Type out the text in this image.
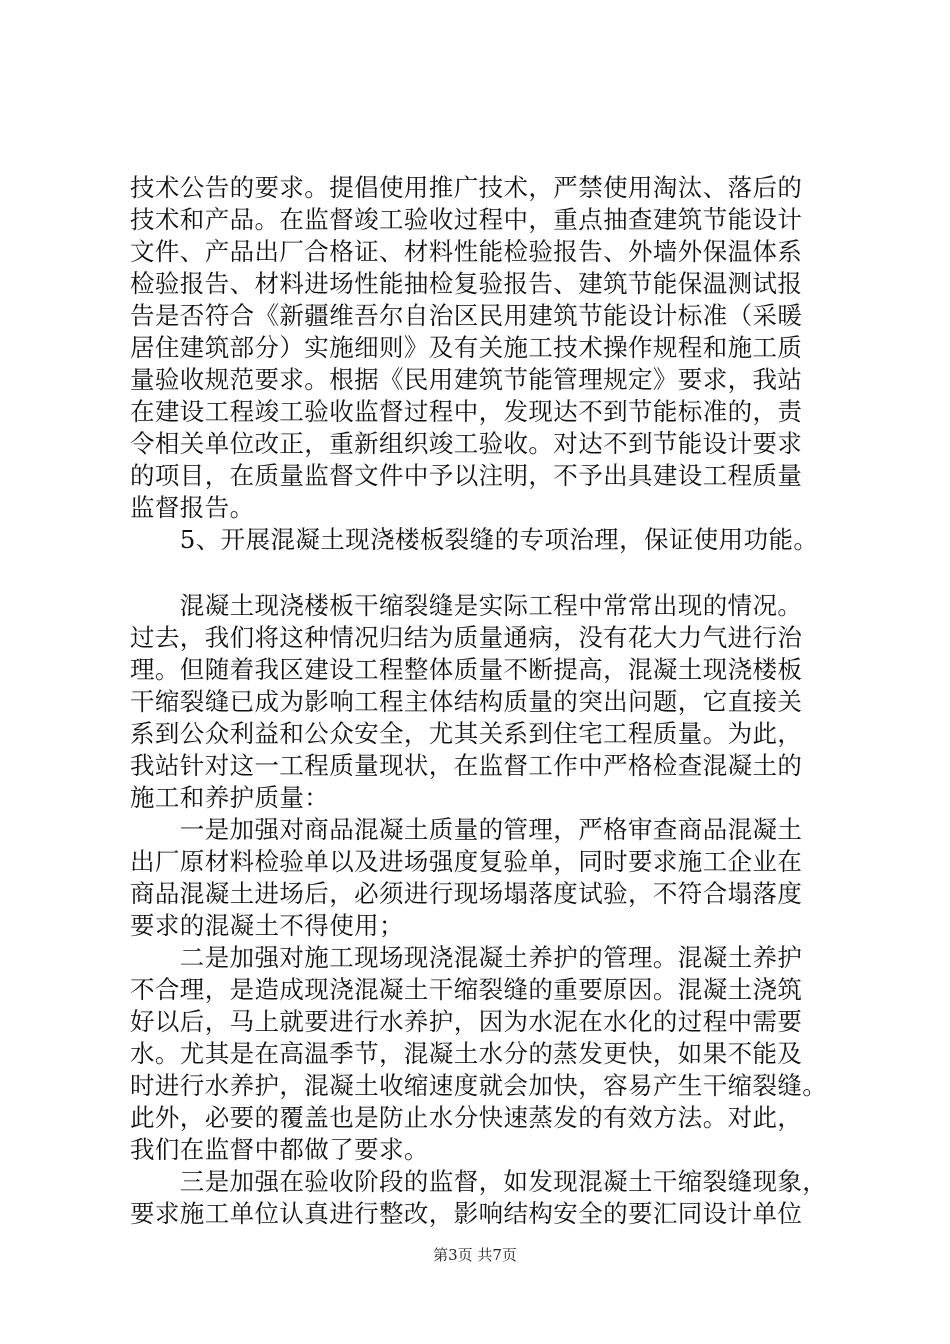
技术公告的要求。提倡使用推广技术，严禁使用淘汰、落后的
技术和产品。在监督竣工验收过程中，重点抽查建筑节能设计
文件、产品出厂合格证、材料性能检验报告、外墙外保温体系
检验报告、材料进场性能抽检复验报告、建筑节能保温测试报
告是否符合《新疆维吾尔自治区民用建筑节能设计标准（采暖
居住建筑部分）实施细则》及有关施工技术操作规程和施工质
量验收规范要求。根据《民用建筑节能管理规定》要求，我站
在建设工程竣工验收监督过程中，发现达不到节能标准的，责
令相关单位改正，重新组织竣工验收。对达不到节能设计要求
的项目，在质量监督文件中予以注明，不予出具建设工程质量
监督报告。
　　5、开展混凝土现浇楼板裂缝的专项治理，保证使用功能。
　　混凝土现浇楼板干缩裂缝是实际工程中常常出现的情况。
过去，我们将这种情况归结为质量通病，没有花大力气进行治
理。但随着我区建设工程整体质量不断提高，混凝土现浇楼板
干缩裂缝已成为影响工程主体结构质量的突出问题，它直接关
系到公众利益和公众安全，尤其关系到住宅工程质量。为此，
我站针对这一工程质量现状，在监督工作中严格检查混凝土的
施工和养护质量：
　　一是加强对商品混凝土质量的管理，严格审查商品混凝土
出厂原材料检验单以及进场强度复验单，同时要求施工企业在
商品混凝土进场后，必须进行现场塌落度试验，不符合塌落度
要求的混凝土不得使用；
　　二是加强对施工现场现浇混凝土养护的管理。混凝土养护
不合理，是造成现浇混凝土干缩裂缝的重要原因。混凝土浇筑
好以后，马上就要进行水养护，因为水泥在水化的过程中需要
水。尤其是在高温季节，混凝土水分的蒸发更快，如果不能及
时进行水养护，混凝土收缩速度就会加快，容易产生干缩裂缝。
此外，必要的覆盖也是防止水分快速蒸发的有效方法。对此，
我们在监督中都做了要求。
　　三是加强在验收阶段的监督，如发现混凝土干缩裂缝现象，
要求施工单位认真进行整改，影响结构安全的要汇同设计单位
第3页 共7页
